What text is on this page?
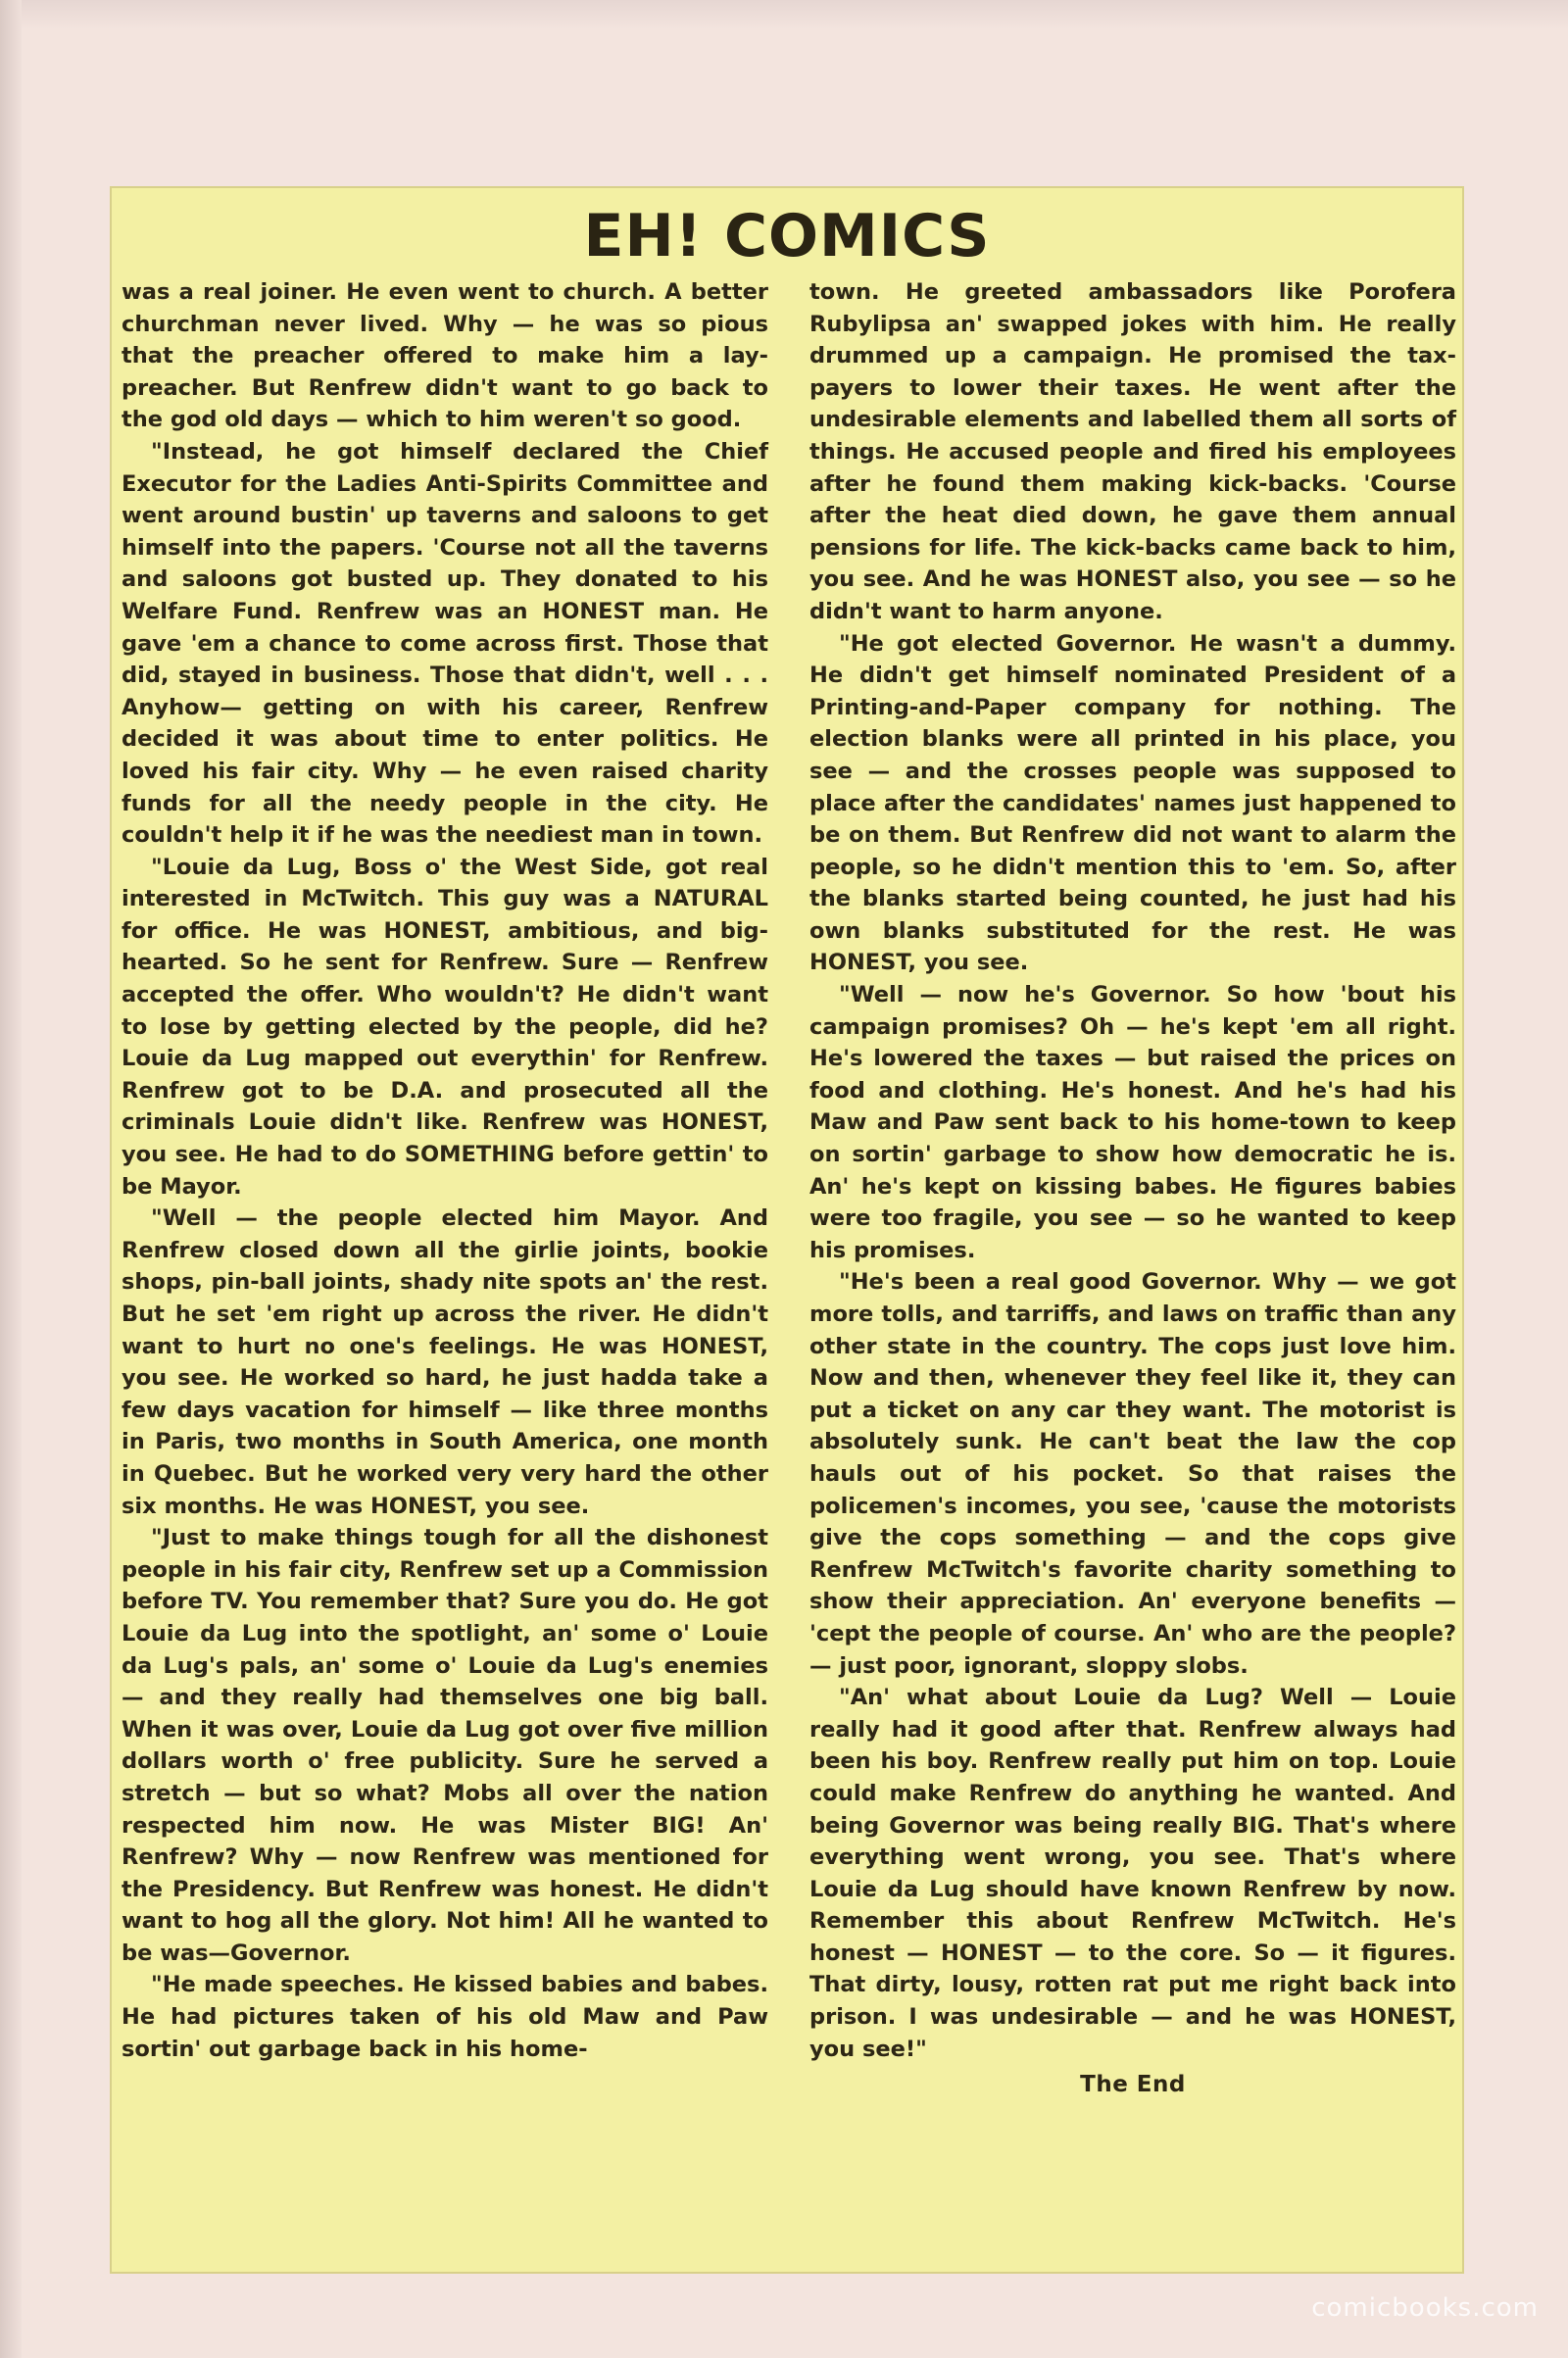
EH! COMICS

was a real joiner. He even went to church. A better churchman never lived. Why — he was so pious that the preacher offered to make him a lay-preacher. But Renfrew didn't want to go back to the god old days — which to him weren't so good.

"Instead, he got himself declared the Chief Executor for the Ladies Anti-Spirits Committee and went around bustin' up taverns and saloons to get himself into the papers. 'Course not all the taverns and saloons got busted up. They donated to his Welfare Fund. Renfrew was an HONEST man. He gave 'em a chance to come across first. Those that did, stayed in business. Those that didn't, well . . . Anyhow— getting on with his career, Renfrew decided it was about time to enter politics. He loved his fair city. Why — he even raised charity funds for all the needy people in the city. He couldn't help it if he was the neediest man in town.

"Louie da Lug, Boss o' the West Side, got real interested in McTwitch. This guy was a NATURAL for office. He was HONEST, ambitious, and big-hearted. So he sent for Renfrew. Sure — Renfrew accepted the offer. Who wouldn't? He didn't want to lose by getting elected by the people, did he? Louie da Lug mapped out everythin' for Renfrew. Renfrew got to be D.A. and prosecuted all the criminals Louie didn't like. Renfrew was HONEST, you see. He had to do SOMETHING before gettin' to be Mayor.

"Well — the people elected him Mayor. And Renfrew closed down all the girlie joints, bookie shops, pin-ball joints, shady nite spots an' the rest. But he set 'em right up across the river. He didn't want to hurt no one's feelings. He was HONEST, you see. He worked so hard, he just hadda take a few days vacation for himself — like three months in Paris, two months in South America, one month in Quebec. But he worked very very hard the other six months. He was HONEST, you see.

"Just to make things tough for all the dishonest people in his fair city, Renfrew set up a Commission before TV. You remember that? Sure you do. He got Louie da Lug into the spotlight, an' some o' Louie da Lug's pals, an' some o' Louie da Lug's enemies — and they really had themselves one big ball. When it was over, Louie da Lug got over five million dollars worth o' free publicity. Sure he served a stretch — but so what? Mobs all over the nation respected him now. He was Mister BIG! An' Renfrew? Why — now Renfrew was mentioned for the Presidency. But Renfrew was honest. He didn't want to hog all the glory. Not him! All he wanted to be was—Governor.

"He made speeches. He kissed babies and babes. He had pictures taken of his old Maw and Paw sortin' out garbage back in his home-

town. He greeted ambassadors like Porofera Rubylipsa an' swapped jokes with him. He really drummed up a campaign. He promised the tax-payers to lower their taxes. He went after the undesirable elements and labelled them all sorts of things. He accused people and fired his employees after he found them making kick-backs. 'Course after the heat died down, he gave them annual pensions for life. The kick-backs came back to him, you see. And he was HONEST also, you see — so he didn't want to harm anyone.

"He got elected Governor. He wasn't a dummy. He didn't get himself nominated President of a Printing-and-Paper company for nothing. The election blanks were all printed in his place, you see — and the crosses people was supposed to place after the candidates' names just happened to be on them. But Renfrew did not want to alarm the people, so he didn't mention this to 'em. So, after the blanks started being counted, he just had his own blanks substituted for the rest. He was HONEST, you see.

"Well — now he's Governor. So how 'bout his campaign promises? Oh — he's kept 'em all right. He's lowered the taxes — but raised the prices on food and clothing. He's honest. And he's had his Maw and Paw sent back to his home-town to keep on sortin' garbage to show how democratic he is. An' he's kept on kissing babes. He figures babies were too fragile, you see — so he wanted to keep his promises.

"He's been a real good Governor. Why — we got more tolls, and tarriffs, and laws on traffic than any other state in the country. The cops just love him. Now and then, whenever they feel like it, they can put a ticket on any car they want. The motorist is absolutely sunk. He can't beat the law the cop hauls out of his pocket. So that raises the policemen's incomes, you see, 'cause the motorists give the cops something — and the cops give Renfrew McTwitch's favorite charity something to show their appreciation. An' everyone benefits — 'cept the people of course. An' who are the people? — just poor, ignorant, sloppy slobs.

"An' what about Louie da Lug? Well — Louie really had it good after that. Renfrew always had been his boy. Renfrew really put him on top. Louie could make Renfrew do anything he wanted. And being Governor was being really BIG. That's where everything went wrong, you see. That's where Louie da Lug should have known Renfrew by now. Remember this about Renfrew McTwitch. He's honest — HONEST — to the core. So — it figures. That dirty, lousy, rotten rat put me right back into prison. I was undesirable — and he was HONEST, you see!"

The End
comicbooks.com
